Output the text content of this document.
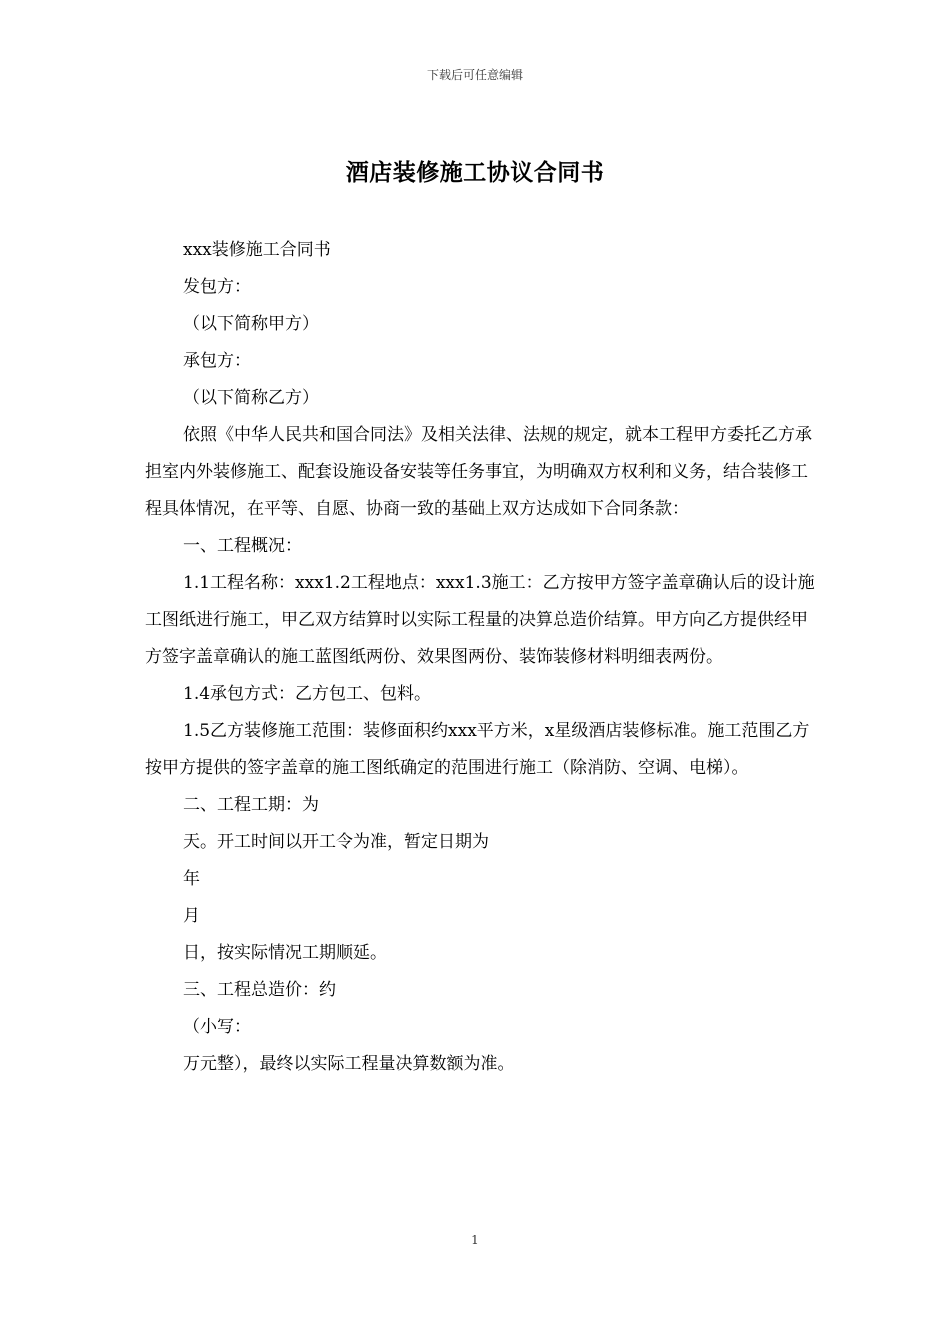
下载后可任意编辑
酒店装修施工协议合同书

xxx装修施工合同书

发包方：

（以下简称甲方）

承包方：

（以下简称乙方）

依照《中华人民共和国合同法》及相关法律、法规的规定，就本工程甲方委托乙方承担室内外装修施工、配套设施设备安装等任务事宜，为明确双方权利和义务，结合装修工程具体情况，在平等、自愿、协商一致的基础上双方达成如下合同条款：

一、工程概况：

1.1工程名称：xxx1.2工程地点：xxx1.3施工：乙方按甲方签字盖章确认后的设计施工图纸进行施工，甲乙双方结算时以实际工程量的决算总造价结算。甲方向乙方提供经甲方签字盖章确认的施工蓝图纸两份、效果图两份、装饰装修材料明细表两份。

1.4承包方式：乙方包工、包料。

1.5乙方装修施工范围：装修面积约xxx平方米，x星级酒店装修标准。施工范围乙方按甲方提供的签字盖章的施工图纸确定的范围进行施工（除消防、空调、电梯）。

二、工程工期：为

天。开工时间以开工令为准，暂定日期为

年

月

日，按实际情况工期顺延。

三、工程总造价：约

（小写：

万元整），最终以实际工程量决算数额为准。

1
